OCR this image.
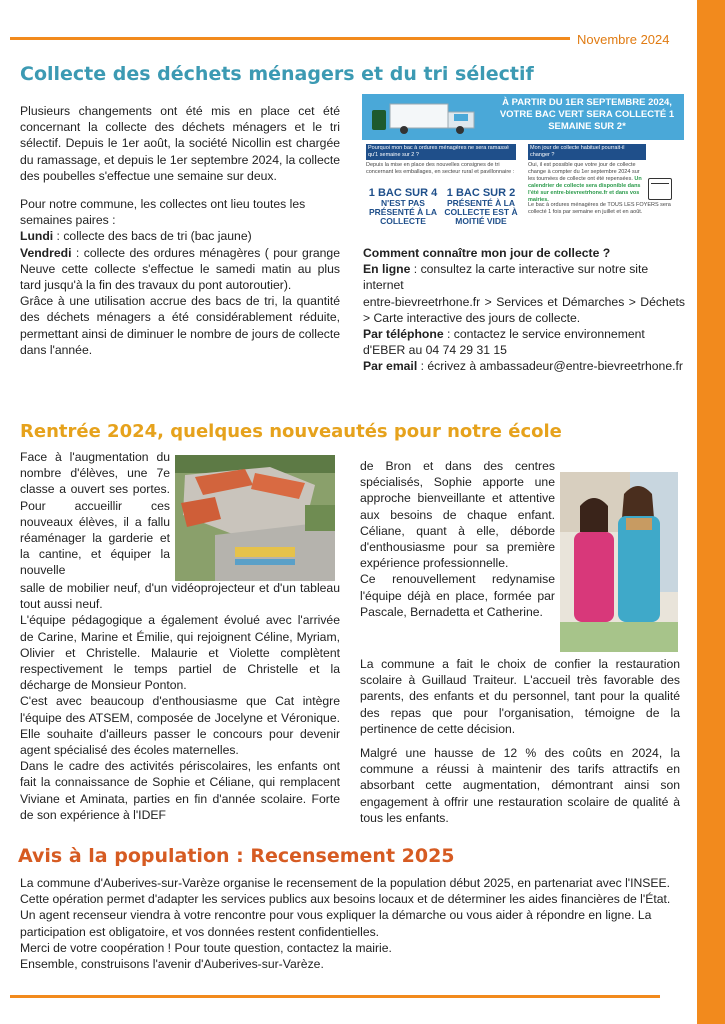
Novembre 2024
Collecte des déchets ménagers et du tri sélectif

Plusieurs changements ont été mis en place cet été concernant la collecte des déchets ménagers et le tri sélectif. Depuis le 1er août, la société Nicollin est chargée du ramassage, et depuis le 1er septembre 2024, la collecte des poubelles s'effectue une semaine sur deux.

Pour notre commune, les collectes ont lieu toutes les semaines paires :

Lundi : collecte des bacs de tri (bac jaune)

Vendredi : collecte des ordures ménagères ( pour grange Neuve cette collecte s'effectue le samedi matin au plus tard jusqu'à la fin des travaux du pont autoroutier).

Grâce à une utilisation accrue des bacs de tri, la quantité des déchets ménagers a été considérablement réduite, permettant ainsi de diminuer le nombre de jours de collecte dans l'année.

À PARTIR DU 1ER SEPTEMBRE 2024, VOTRE BAC VERT SERA COLLECTÉ 1 SEMAINE SUR 2*
Pourquoi mon bac à ordures ménagères ne sera ramassé qu'1 semaine sur 2 ?
Depuis la mise en place des nouvelles consignes de tri concernant les emballages, en secteur rural et pavillonnaire :
1 BAC SUR 4
N'EST PAS PRÉSENTÉ À LA COLLECTE
1 BAC SUR 2
PRÉSENTÉ À LA COLLECTE EST À MOITIÉ VIDE
Mon jour de collecte habituel pourrait-il changer ?
Oui, il est possible que votre jour de collecte change à compter du 1er septembre 2024 sur les tournées de collecte ont été repensées. Un calendrier de collecte sera disponible dans l'été sur entre-bievreetrhone.fr et dans vos mairies.
Le bac à ordures ménagères de TOUS LES FOYERS sera collecté 1 fois par semaine en juillet et en août.

Comment connaître mon jour de collecte ?

En ligne : consultez la carte interactive sur notre site internet

entre-bievreetrhone.fr > Services et Démarches > Déchets > Carte interactive des jours de collecte.

Par téléphone : contactez le service environnement d'EBER au 04 74 29 31 15

Par email : écrivez à ambassadeur@entre-bievreetrhone.fr

Rentrée 2024, quelques nouveautés pour notre école
Face à l'augmentation du nombre d'élèves, une 7e classe a ouvert ses portes. Pour accueillir ces nouveaux élèves, il a fallu réaménager la garderie et la cantine, et équiper la nouvelle

salle de mobilier neuf, d'un vidéoprojecteur et d'un tableau tout aussi neuf.

L'équipe pédagogique a également évolué avec l'arrivée de Carine, Marine et Émilie, qui rejoignent Céline, Myriam, Olivier et Christelle. Malaurie et Violette complètent respectivement le temps partiel de Christelle et la décharge de Monsieur Ponton.

C'est avec beaucoup d'enthousiasme que Cat intègre l'équipe des ATSEM, composée de Jocelyne et Véronique. Elle souhaite d'ailleurs passer le concours pour devenir agent spécialisé des écoles maternelles.

Dans le cadre des activités périscolaires, les enfants ont fait la connaissance de Sophie et Céliane, qui remplacent Viviane et Aminata, parties en fin d'année scolaire. Forte de son expérience à l'IDEF

de Bron et dans des centres spécialisés, Sophie apporte une approche bienveillante et attentive aux besoins de chaque enfant. Céliane, quant à elle, déborde d'enthousiasme pour sa première expérience professionnelle.

Ce renouvellement redynamise l'équipe déjà en place, formée par Pascale, Bernadetta et Catherine.

La commune a fait le choix de confier la restauration scolaire à Guillaud Traiteur. L'accueil très favorable des parents, des enfants et du personnel, tant pour la qualité des repas que pour l'organisation, témoigne de la pertinence de cette décision.

Malgré une hausse de 12 % des coûts en 2024, la commune a réussi à maintenir des tarifs attractifs en absorbant cette augmentation, démontrant ainsi son engagement à offrir une restauration scolaire de qualité à tous les enfants.

Avis à la population : Recensement 2025

La commune d'Auberives-sur-Varèze organise le recensement de la population début 2025, en partenariat avec l'INSEE. Cette opération permet d'adapter les services publics aux besoins locaux et de déterminer les aides financières de l'État. Un agent recenseur viendra à votre rencontre pour vous expliquer la démarche ou vous aider à répondre en ligne. La participation est obligatoire, et vos données restent confidentielles.

Merci de votre coopération ! Pour toute question, contactez la mairie.

Ensemble, construisons l'avenir d'Auberives-sur-Varèze.
